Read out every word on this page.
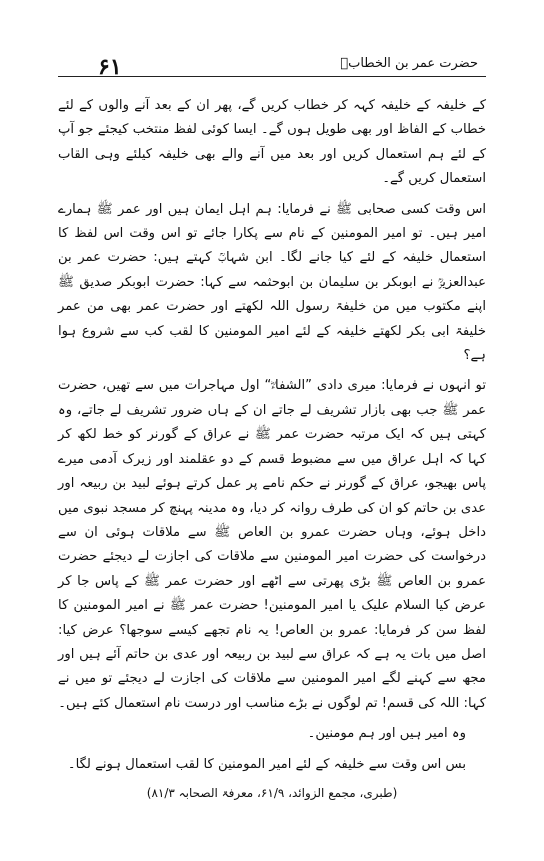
۶۱	حضرت عمر بن الخطابؓ

کے خلیفہ کے خلیفہ کہہ کر خطاب کریں گے، پھر ان کے بعد آنے والوں کے لئے خطاب کے الفاظ اور بھی طویل ہوں گے۔ ایسا کوئی لفظ منتخب کیجئے جو آپ کے لئے ہم استعمال کریں اور بعد میں آنے والے بھی خلیفہ کیلئے وہی القاب استعمال کریں گے۔

اس وقت کسی صحابی ﷺ نے فرمایا: ہم اہل ایمان ہیں اور عمر ﷺ ہمارے امیر ہیں۔ تو امیر المومنین کے نام سے پکارا جائے تو اس وقت اس لفظ کا استعمال خلیفہ کے لئے کیا جانے لگا۔ ابن شہابؒ کہتے ہیں: حضرت عمر بن عبدالعزیزؒ نے ابوبکر بن سلیمان بن ابوحثمہ سے کہا: حضرت ابوبکر صدیق ﷺ اپنے مکتوب میں من خلیفۃ رسول اللہ لکھتے اور حضرت عمر بھی من عمر خلیفۃ ابی بکر لکھتے خلیفہ کے لئے امیر المومنین کا لقب کب سے شروع ہوا ہے؟

تو انہوں نے فرمایا: میری دادی ”الشفاءؓ“ اول مہاجرات میں سے تھیں، حضرت عمر ﷺ جب بھی بازار تشریف لے جاتے ان کے ہاں ضرور تشریف لے جاتے، وہ کہتی ہیں کہ ایک مرتبہ حضرت عمر ﷺ نے عراق کے گورنر کو خط لکھ کر کہا کہ اہل عراق میں سے مضبوط قسم کے دو عقلمند اور زیرک آدمی میرے پاس بھیجو، عراق کے گورنر نے حکم نامے پر عمل کرتے ہوئے لبید بن ربیعہ اور عدی بن حاتم کو ان کی طرف روانہ کر دیا، وہ مدینہ پہنچ کر مسجد نبوی میں داخل ہوئے، وہاں حضرت عمرو بن العاص ﷺ سے ملاقات ہوئی ان سے درخواست کی حضرت امیر المومنین سے ملاقات کی اجازت لے دیجئے حضرت عمرو بن العاص ﷺ بڑی پھرتی سے اٹھے اور حضرت عمر ﷺ کے پاس جا کر عرض کیا السلام علیک یا امیر المومنین! حضرت عمر ﷺ نے امیر المومنین کا لفظ سن کر فرمایا: عمرو بن العاص! یہ نام تجھے کیسے سوجھا؟ عرض کیا: اصل میں بات یہ ہے کہ عراق سے لبید بن ربیعہ اور عدی بن حاتم آئے ہیں اور مجھ سے کہنے لگے امیر المومنین سے ملاقات کی اجازت لے دیجئے تو میں نے کہا: اللہ کی قسم! تم لوگوں نے بڑے مناسب اور درست نام استعمال کئے ہیں۔

وہ امیر ہیں اور ہم مومنین۔

بس اس وقت سے خلیفہ کے لئے امیر المومنین کا لقب استعمال ہونے لگا۔

(طبری، مجمع الزوائد، ۶۱/۹، معرفۃ الصحابہ ۸۱/۳)
